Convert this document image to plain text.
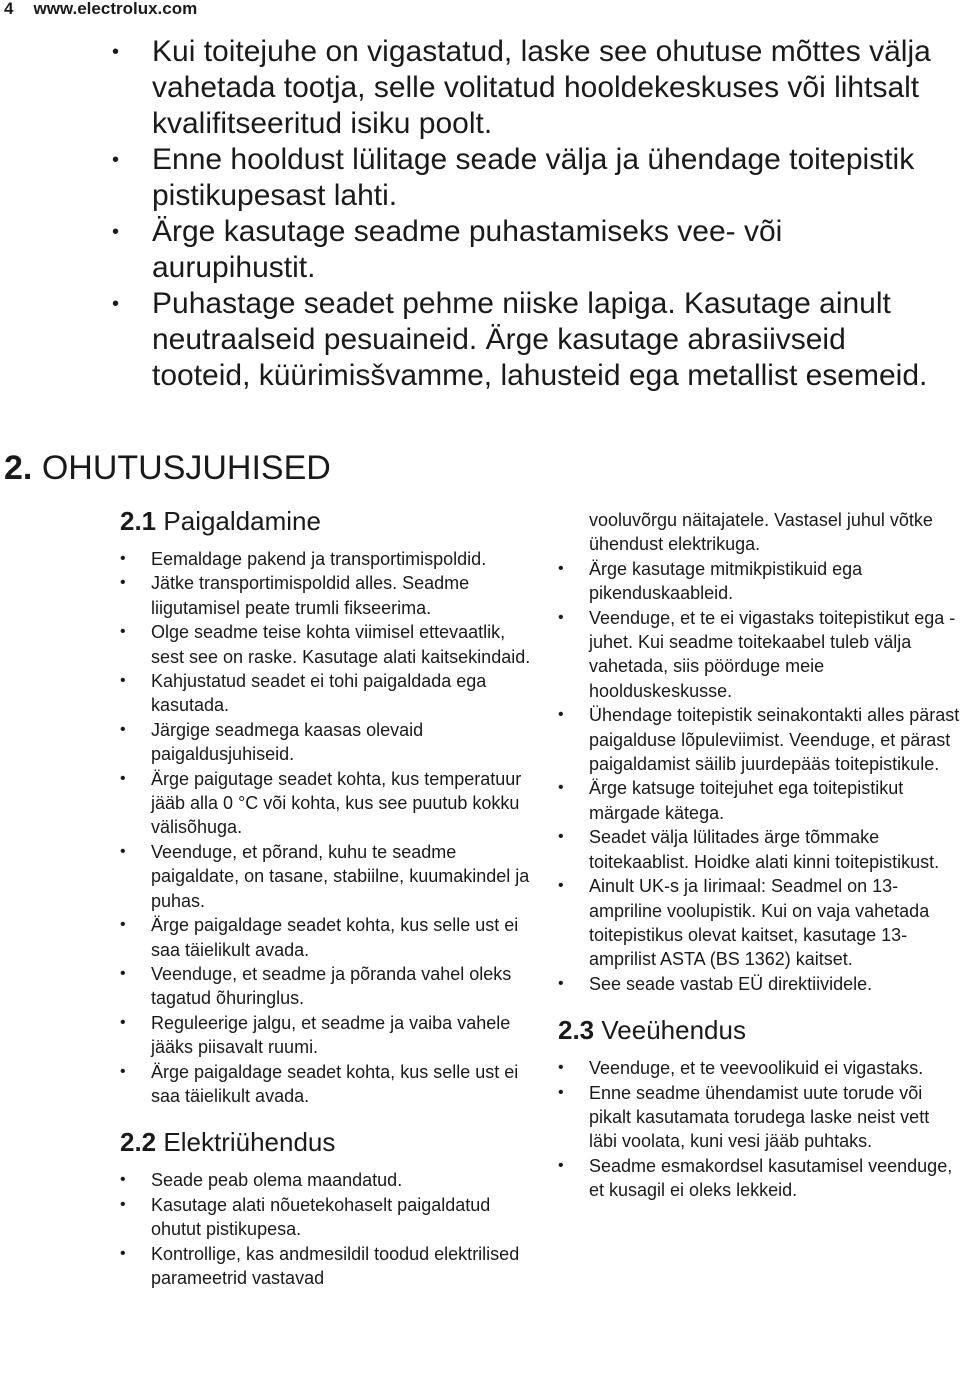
4 www.electrolux.com
• Kui toitejuhe on vigastatud, laske see ohutuse mõttes välja vahetada tootja, selle volitatud hooldekeskuses või lihtsalt kvalifitseeritud isiku poolt.
• Enne hooldust lülitage seade välja ja ühendage toitepistik pistikupesast lahti.
• Ärge kasutage seadme puhastamiseks vee- või aurupihustit.
• Puhastage seadet pehme niiske lapiga. Kasutage ainult neutraalseid pesuaineid. Ärge kasutage abrasiivseid tooteid, küürimisšvamme, lahusteid ega metallist esemeid.
2. OHUTUSJUHISED
2.1 Paigaldamine
• Eemaldage pakend ja transportimispoldid.
• Jätke transportimispoldid alles. Seadme liigutamisel peate trumli fikseerima.
• Olge seadme teise kohta viimisel ettevaatlik, sest see on raske. Kasutage alati kaitsekindaid.
• Kahjustatud seadet ei tohi paigaldada ega kasutada.
• Järgige seadmega kaasas olevaid paigaldusjuhiseid.
• Ärge paigutage seadet kohta, kus temperatuur jääb alla 0 °C või kohta, kus see puutub kokku välisõhuga.
• Veenduge, et põrand, kuhu te seadme paigaldate, on tasane, stabiilne, kuumakindel ja puhas.
• Ärge paigaldage seadet kohta, kus selle ust ei saa täielikult avada.
• Veenduge, et seadme ja põranda vahel oleks tagatud õhuringlus.
• Reguleerige jalgu, et seadme ja vaiba vahele jääks piisavalt ruumi.
• Ärge paigaldage seadet kohta, kus selle ust ei saa täielikult avada.
2.2 Elektriühendus
• Seade peab olema maandatud.
• Kasutage alati nõuetekohaselt paigaldatud ohutut pistikupesa.
• Kontrollige, kas andmesildil toodud elektrilised parameetrid vastavad
vooluvõrgu näitajatele. Vastasel juhul võtke ühendust elektrikuga.
• Ärge kasutage mitmikpistikuid ega pikenduskaableid.
• Veenduge, et te ei vigastaks toitepistikut ega -juhet. Kui seadme toitekaabel tuleb välja vahetada, siis pöörduge meie hoolduskeskusse.
• Ühendage toitepistik seinakontakti alles pärast paigalduse lõpuleviimist. Veenduge, et pärast paigaldamist säilib juurdepääs toitepistikule.
• Ärge katsuge toitejuhet ega toitepistikut märgade kätega.
• Seadet välja lülitades ärge tõmmake toitekaablist. Hoidke alati kinni toitepistikust.
• Ainult UK-s ja Iirimaal: Seadmel on 13-ampriline voolupistik. Kui on vaja vahetada toitepistikus olevat kaitset, kasutage 13-amprilist ASTA (BS 1362) kaitset.
• See seade vastab EÜ direktiividele.
2.3 Veeühendus
• Veenduge, et te veevoolikuid ei vigastaks.
• Enne seadme ühendamist uute torude või pikalt kasutamata torudega laske neist vett läbi voolata, kuni vesi jääb puhtaks.
• Seadme esmakordsel kasutamisel veenduge, et kusagil ei oleks lekkeid.
